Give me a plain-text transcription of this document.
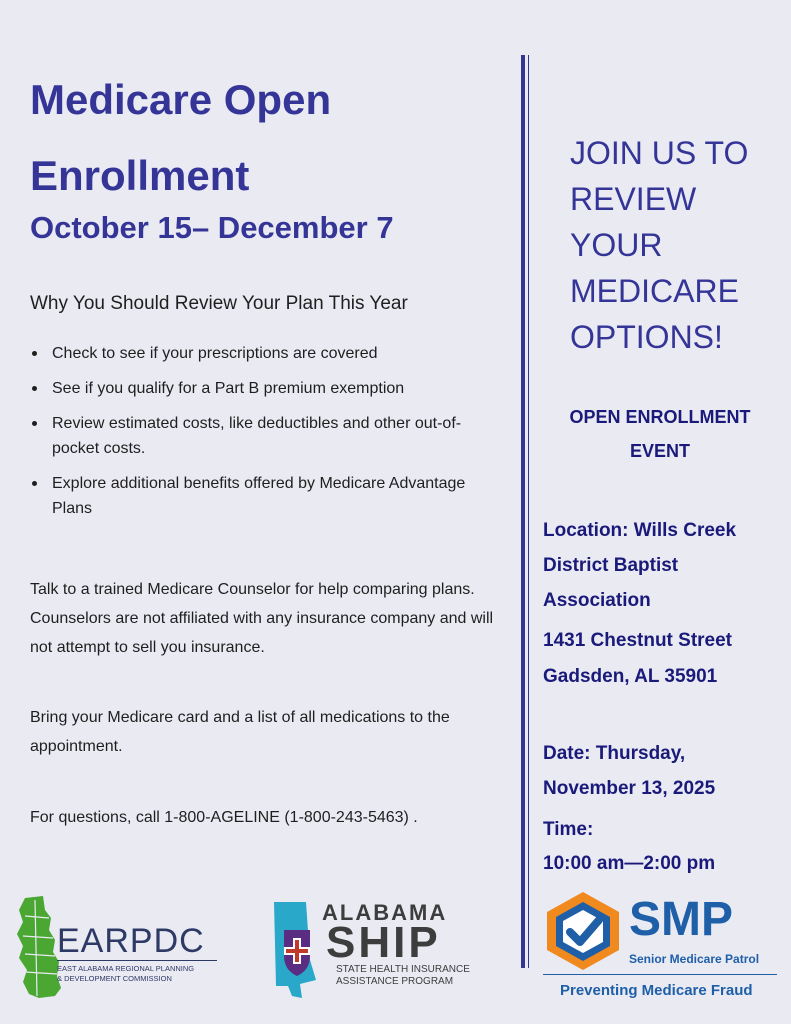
Medicare Open Enrollment
October 15– December 7
Why You Should Review Your Plan This Year
Check to see if your prescriptions are covered
See if you qualify for a Part B premium exemption
Review estimated costs, like deductibles and other out-of-pocket costs.
Explore additional benefits offered by Medicare Advantage Plans
Talk to a trained Medicare Counselor for help comparing plans. Counselors are not affiliated with any insurance company and will not attempt to sell you insurance.
Bring your Medicare card and a list of all medications to the appointment.
For questions, call 1-800-AGELINE (1-800-243-5463) .
JOIN US TO REVIEW YOUR MEDICARE OPTIONS!
OPEN ENROLLMENT EVENT
Location: Wills Creek District Baptist Association
1431 Chestnut Street
Gadsden, AL 35901
Date: Thursday, November 13, 2025
Time:
10:00 am—2:00 pm
EARPDC
EAST ALABAMA REGIONAL PLANNING
& DEVELOPMENT COMMISSION
ALABAMA
SHIP
STATE HEALTH INSURANCE
ASSISTANCE PROGRAM
SMP
Senior Medicare Patrol
Preventing Medicare Fraud
